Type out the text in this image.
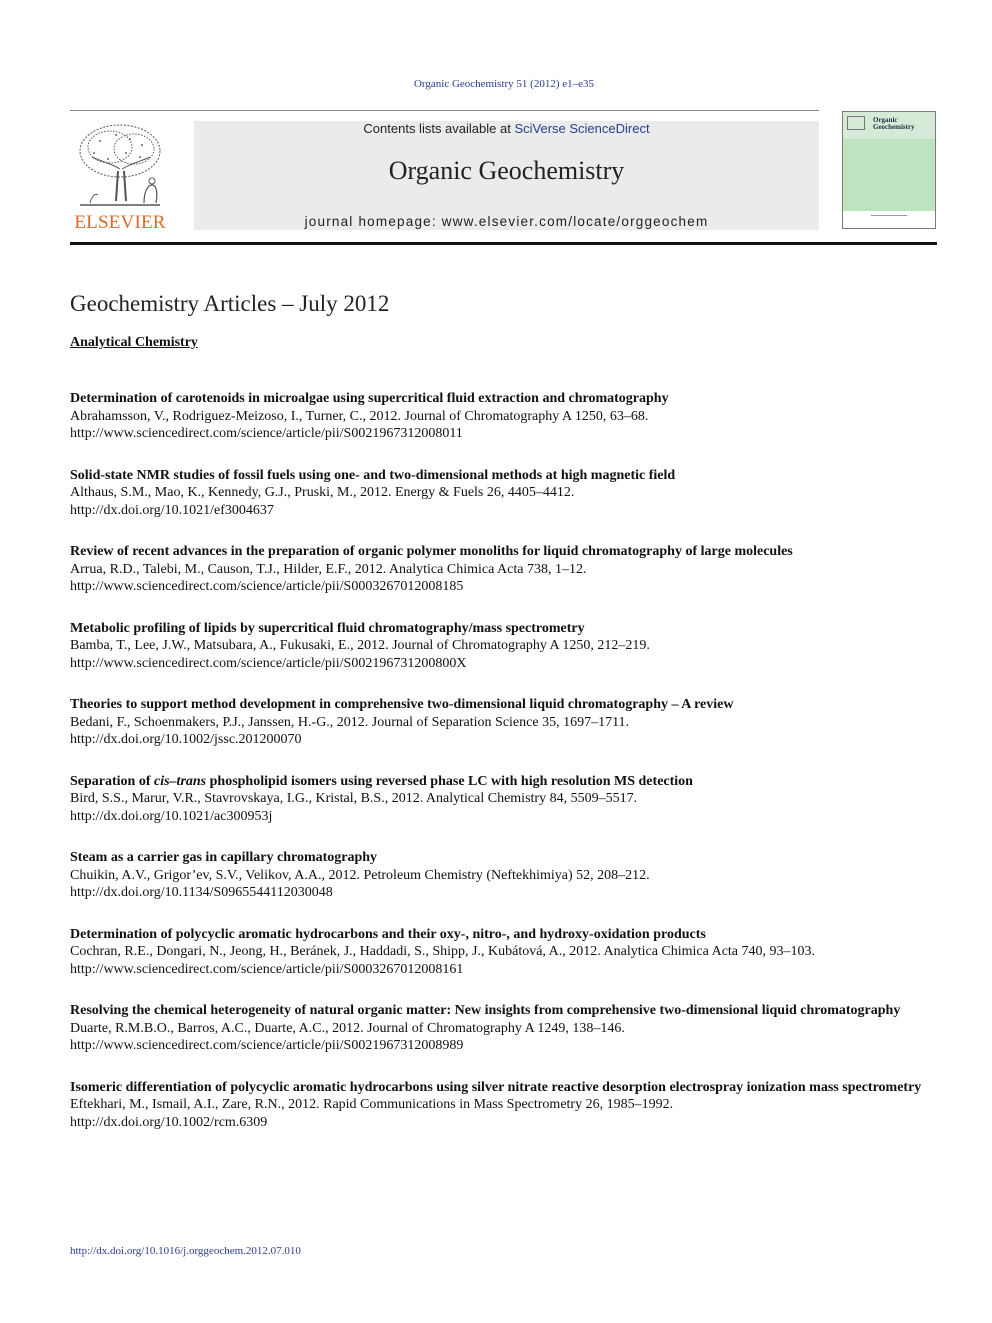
Organic Geochemistry 51 (2012) e1–e35
ELSEVIER
Contents lists available at SciVerse ScienceDirect
Organic Geochemistry
journal homepage: www.elsevier.com/locate/orggeochem
Organic Geochemistry
Geochemistry Articles – July 2012
Analytical Chemistry
Determination of carotenoids in microalgae using supercritical fluid extraction and chromatography
Abrahamsson, V., Rodriguez-Meizoso, I., Turner, C., 2012. Journal of Chromatography A 1250, 63–68.
http://www.sciencedirect.com/science/article/pii/S0021967312008011
Solid-state NMR studies of fossil fuels using one- and two-dimensional methods at high magnetic field
Althaus, S.M., Mao, K., Kennedy, G.J., Pruski, M., 2012. Energy & Fuels 26, 4405–4412.
http://dx.doi.org/10.1021/ef3004637
Review of recent advances in the preparation of organic polymer monoliths for liquid chromatography of large molecules
Arrua, R.D., Talebi, M., Causon, T.J., Hilder, E.F., 2012. Analytica Chimica Acta 738, 1–12.
http://www.sciencedirect.com/science/article/pii/S0003267012008185
Metabolic profiling of lipids by supercritical fluid chromatography/mass spectrometry
Bamba, T., Lee, J.W., Matsubara, A., Fukusaki, E., 2012. Journal of Chromatography A 1250, 212–219.
http://www.sciencedirect.com/science/article/pii/S002196731200800X
Theories to support method development in comprehensive two-dimensional liquid chromatography – A review
Bedani, F., Schoenmakers, P.J., Janssen, H.-G., 2012. Journal of Separation Science 35, 1697–1711.
http://dx.doi.org/10.1002/jssc.201200070
Separation of cis–trans phospholipid isomers using reversed phase LC with high resolution MS detection
Bird, S.S., Marur, V.R., Stavrovskaya, I.G., Kristal, B.S., 2012. Analytical Chemistry 84, 5509–5517.
http://dx.doi.org/10.1021/ac300953j
Steam as a carrier gas in capillary chromatography
Chuikin, A.V., Grigor’ev, S.V., Velikov, A.A., 2012. Petroleum Chemistry (Neftekhimiya) 52, 208–212.
http://dx.doi.org/10.1134/S0965544112030048
Determination of polycyclic aromatic hydrocarbons and their oxy-, nitro-, and hydroxy-oxidation products
Cochran, R.E., Dongari, N., Jeong, H., Beránek, J., Haddadi, S., Shipp, J., Kubátová, A., 2012. Analytica Chimica Acta 740, 93–103.
http://www.sciencedirect.com/science/article/pii/S0003267012008161
Resolving the chemical heterogeneity of natural organic matter: New insights from comprehensive two-dimensional liquid chromatography
Duarte, R.M.B.O., Barros, A.C., Duarte, A.C., 2012. Journal of Chromatography A 1249, 138–146.
http://www.sciencedirect.com/science/article/pii/S0021967312008989
Isomeric differentiation of polycyclic aromatic hydrocarbons using silver nitrate reactive desorption electrospray ionization mass spectrometry
Eftekhari, M., Ismail, A.I., Zare, R.N., 2012. Rapid Communications in Mass Spectrometry 26, 1985–1992.
http://dx.doi.org/10.1002/rcm.6309
http://dx.doi.org/10.1016/j.orggeochem.2012.07.010
